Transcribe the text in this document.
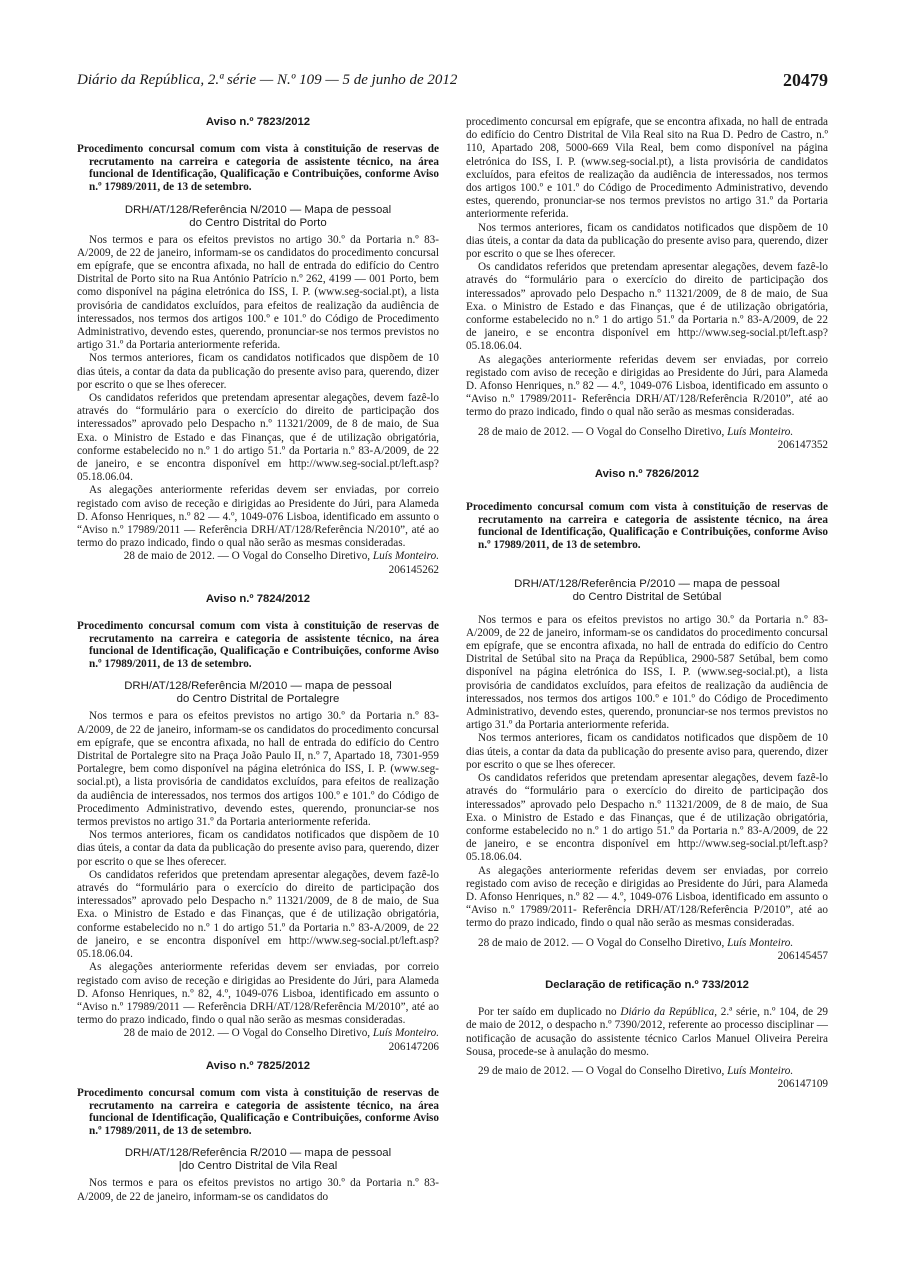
Diário da República, 2.ª série — N.º 109 — 5 de junho de 2012	20479
Aviso n.º 7823/2012
Procedimento concursal comum com vista à constituição de reservas de recrutamento na carreira e categoria de assistente técnico, na área funcional de Identificação, Qualificação e Contribuições, conforme Aviso n.º 17989/2011, de 13 de setembro.
DRH/AT/128/Referência N/2010 — Mapa de pessoal
do Centro Distrital do Porto

Nos termos e para os efeitos previstos no artigo 30.º da Portaria n.º 83-A/2009, de 22 de janeiro, informam-se os candidatos do procedimento concursal em epígrafe, que se encontra afixada, no hall de entrada do edifício do Centro Distrital de Porto sito na Rua António Patrício n.º 262, 4199 — 001 Porto, bem como disponível na página eletrónica do ISS, I. P. (www.seg-social.pt), a lista provisória de candidatos excluídos, para efeitos de realização da audiência de interessados, nos termos dos artigos 100.º e 101.º do Código de Procedimento Administrativo, devendo estes, querendo, pronunciar-se nos termos previstos no artigo 31.º da Portaria anteriormente referida.

Nos termos anteriores, ficam os candidatos notificados que dispõem de 10 dias úteis, a contar da data da publicação do presente aviso para, querendo, dizer por escrito o que se lhes oferecer.

Os candidatos referidos que pretendam apresentar alegações, devem fazê-lo através do “formulário para o exercício do direito de participação dos interessados” aprovado pelo Despacho n.º 11321/2009, de 8 de maio, de Sua Exa. o Ministro de Estado e das Finanças, que é de utilização obrigatória, conforme estabelecido no n.º 1 do artigo 51.º da Portaria n.º 83-A/2009, de 22 de janeiro, e se encontra disponível em http://www.seg-social.pt/left.asp?05.18.06.04.

As alegações anteriormente referidas devem ser enviadas, por correio registado com aviso de receção e dirigidas ao Presidente do Júri, para Alameda D. Afonso Henriques, n.º 82 — 4.º, 1049-076 Lisboa, identificado em assunto o “Aviso n.º 17989/2011 — Referência DRH/AT/128/Referência N/2010”, até ao termo do prazo indicado, findo o qual não serão as mesmas consideradas.

28 de maio de 2012. — O Vogal do Conselho Diretivo, Luís Monteiro.

206145262

Aviso n.º 7824/2012
Procedimento concursal comum com vista à constituição de reservas de recrutamento na carreira e categoria de assistente técnico, na área funcional de Identificação, Qualificação e Contribuições, conforme Aviso n.º 17989/2011, de 13 de setembro.
DRH/AT/128/Referência M/2010 — mapa de pessoal
do Centro Distrital de Portalegre

Nos termos e para os efeitos previstos no artigo 30.º da Portaria n.º 83-A/2009, de 22 de janeiro, informam-se os candidatos do procedimento concursal em epígrafe, que se encontra afixada, no hall de entrada do edifício do Centro Distrital de Portalegre sito na Praça João Paulo II, n.º 7, Apartado 18, 7301-959 Portalegre, bem como disponível na página eletrónica do ISS, I. P. (www.seg-social.pt), a lista provisória de candidatos excluídos, para efeitos de realização da audiência de interessados, nos termos dos artigos 100.º e 101.º do Código de Procedimento Administrativo, devendo estes, querendo, pronunciar-se nos termos previstos no artigo 31.º da Portaria anteriormente referida.

Nos termos anteriores, ficam os candidatos notificados que dispõem de 10 dias úteis, a contar da data da publicação do presente aviso para, querendo, dizer por escrito o que se lhes oferecer.

Os candidatos referidos que pretendam apresentar alegações, devem fazê-lo através do “formulário para o exercício do direito de participação dos interessados” aprovado pelo Despacho n.º 11321/2009, de 8 de maio, de Sua Exa. o Ministro de Estado e das Finanças, que é de utilização obrigatória, conforme estabelecido no n.º 1 do artigo 51.º da Portaria n.º 83-A/2009, de 22 de janeiro, e se encontra disponível em http://www.seg-social.pt/left.asp?05.18.06.04.

As alegações anteriormente referidas devem ser enviadas, por correio registado com aviso de receção e dirigidas ao Presidente do Júri, para Alameda D. Afonso Henriques, n.º 82, 4.º, 1049-076 Lisboa, identificado em assunto o “Aviso n.º 17989/2011 — Referência DRH/AT/128/Referência M/2010”, até ao termo do prazo indicado, findo o qual não serão as mesmas consideradas.

28 de maio de 2012. — O Vogal do Conselho Diretivo, Luís Monteiro.

206147206

Aviso n.º 7825/2012
Procedimento concursal comum com vista à constituição de reservas de recrutamento na carreira e categoria de assistente técnico, na área funcional de Identificação, Qualificação e Contribuições, conforme Aviso n.º 17989/2011, de 13 de setembro.
DRH/AT/128/Referência R/2010 — mapa de pessoal
|do Centro Distrital de Vila Real

Nos termos e para os efeitos previstos no artigo 30.º da Portaria n.º 83-A/2009, de 22 de janeiro, informam-se os candidatos do

procedimento concursal em epígrafe, que se encontra afixada, no hall de entrada do edifício do Centro Distrital de Vila Real sito na Rua D. Pedro de Castro, n.º 110, Apartado 208, 5000-669 Vila Real, bem como disponível na página eletrónica do ISS, I. P. (www.seg-social.pt), a lista provisória de candidatos excluídos, para efeitos de realização da audiência de interessados, nos termos dos artigos 100.º e 101.º do Código de Procedimento Administrativo, devendo estes, querendo, pronunciar-se nos termos previstos no artigo 31.º da Portaria anteriormente referida.

Nos termos anteriores, ficam os candidatos notificados que dispõem de 10 dias úteis, a contar da data da publicação do presente aviso para, querendo, dizer por escrito o que se lhes oferecer.

Os candidatos referidos que pretendam apresentar alegações, devem fazê-lo através do “formulário para o exercício do direito de participação dos interessados” aprovado pelo Despacho n.º 11321/2009, de 8 de maio, de Sua Exa. o Ministro de Estado e das Finanças, que é de utilização obrigatória, conforme estabelecido no n.º 1 do artigo 51.º da Portaria n.º 83-A/2009, de 22 de janeiro, e se encontra disponível em http://www.seg-social.pt/left.asp?05.18.06.04.

As alegações anteriormente referidas devem ser enviadas, por correio registado com aviso de receção e dirigidas ao Presidente do Júri, para Alameda D. Afonso Henriques, n.º 82 — 4.º, 1049-076 Lisboa, identificado em assunto o “Aviso n.º 17989/2011- Referência DRH/AT/128/Referência R/2010”, até ao termo do prazo indicado, findo o qual não serão as mesmas consideradas.

28 de maio de 2012. — O Vogal do Conselho Diretivo, Luís Monteiro.

206147352

Aviso n.º 7826/2012
Procedimento concursal comum com vista à constituição de reservas de recrutamento na carreira e categoria de assistente técnico, na área funcional de Identificação, Qualificação e Contribuições, conforme Aviso n.º 17989/2011, de 13 de setembro.
DRH/AT/128/Referência P/2010 — mapa de pessoal
do Centro Distrital de Setúbal

Nos termos e para os efeitos previstos no artigo 30.º da Portaria n.º 83-A/2009, de 22 de janeiro, informam-se os candidatos do procedimento concursal em epígrafe, que se encontra afixada, no hall de entrada do edifício do Centro Distrital de Setúbal sito na Praça da República, 2900-587 Setúbal, bem como disponível na página eletrónica do ISS, I. P. (www.seg-social.pt), a lista provisória de candidatos excluídos, para efeitos de realização da audiência de interessados, nos termos dos artigos 100.º e 101.º do Código de Procedimento Administrativo, devendo estes, querendo, pronunciar-se nos termos previstos no artigo 31.º da Portaria anteriormente referida.

Nos termos anteriores, ficam os candidatos notificados que dispõem de 10 dias úteis, a contar da data da publicação do presente aviso para, querendo, dizer por escrito o que se lhes oferecer.

Os candidatos referidos que pretendam apresentar alegações, devem fazê-lo através do “formulário para o exercício do direito de participação dos interessados” aprovado pelo Despacho n.º 11321/2009, de 8 de maio, de Sua Exa. o Ministro de Estado e das Finanças, que é de utilização obrigatória, conforme estabelecido no n.º 1 do artigo 51.º da Portaria n.º 83-A/2009, de 22 de janeiro, e se encontra disponível em http://www.seg-social.pt/left.asp?05.18.06.04.

As alegações anteriormente referidas devem ser enviadas, por correio registado com aviso de receção e dirigidas ao Presidente do Júri, para Alameda D. Afonso Henriques, n.º 82 — 4.º, 1049-076 Lisboa, identificado em assunto o “Aviso n.º 17989/2011- Referência DRH/AT/128/Referência P/2010”, até ao termo do prazo indicado, findo o qual não serão as mesmas consideradas.

28 de maio de 2012. — O Vogal do Conselho Diretivo, Luís Monteiro.

206145457

Declaração de retificação n.º 733/2012

Por ter saído em duplicado no Diário da República, 2.ª série, n.º 104, de 29 de maio de 2012, o despacho n.º 7390/2012, referente ao processo disciplinar — notificação de acusação do assistente técnico Carlos Manuel Oliveira Pereira Sousa, procede-se à anulação do mesmo.

29 de maio de 2012. — O Vogal do Conselho Diretivo, Luís Monteiro.

206147109
